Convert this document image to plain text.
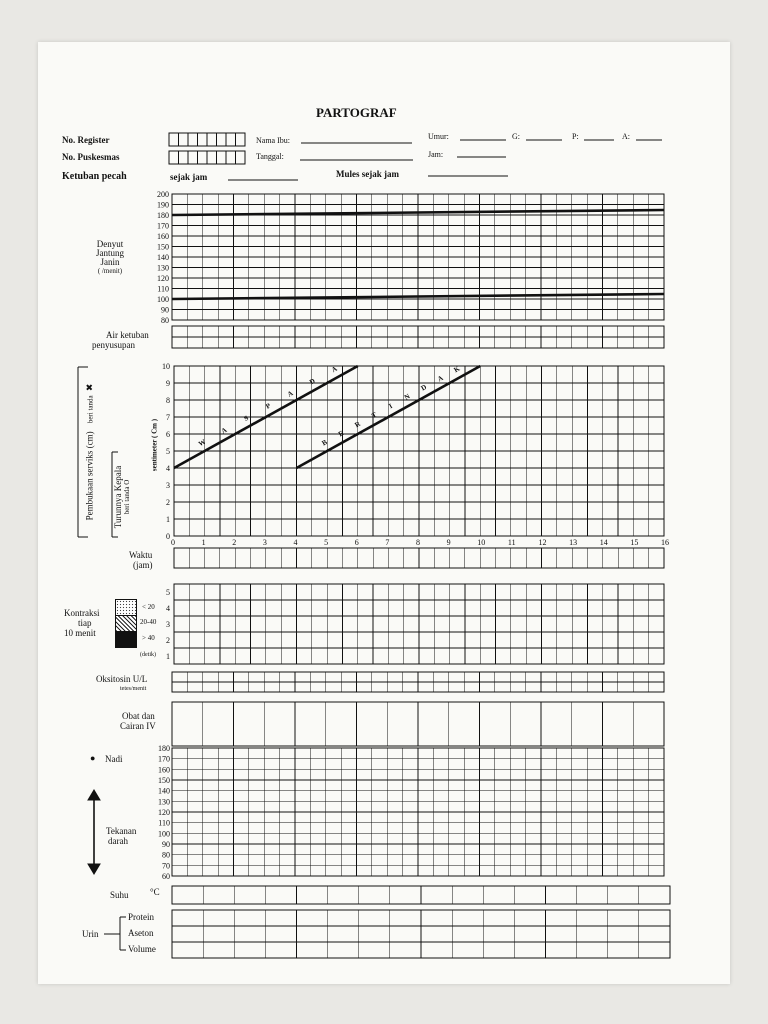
200
190
180
170
160
150
140
130
120
110
100
90
80
10
9
8
7
6
5
4
3
2
1
0
0	1	2	3	4	5	6	7	8	9	10	11	12	13	14	15	16
W
A
S
P
A
D
A
B
E
R
T
I
N
D
A
K
5
4
3
2
1
180
170
160
150
140
130
120
110
100
90
80
70
60
PARTOGRAF
No. Register
No. Puskesmas
Ketuban pecah	sejak jam	Mules sejak jam
Nama Ibu:
Tanggal:
Umur:	G:	P:	A:
Jam:
Denyut
Jantung
Janin
( /menit)
Air ketuban
penyusupan
Pembukaan serviks (cm) beri tanda ✖
Turunnya Kepala beri tanda O
sentimeter ( Cm )
Waktu
(jam)
Kontraksi
tiap
10 menit
< 20
20-40
> 40
(detik)
Oksitosin U/L
tetes/menit
Obat dan
Cairan IV
● Nadi
Tekanan
darah
Suhu °C
Urin
Protein
Aseton
Volume
